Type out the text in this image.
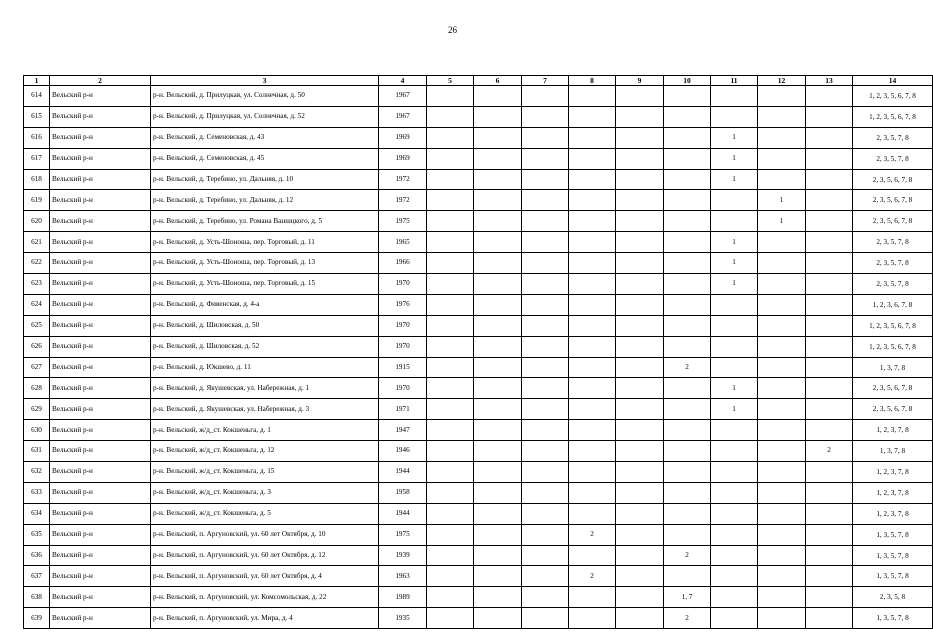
26
1	2	3	4	5	6	7	8	9	10	11	12	13	14
614	Вельский р-н	р-н. Вельский, д. Прилуцкая, ул. Солнечная, д. 50	1967										1, 2, 3, 5, 6, 7, 8
615	Вельский р-н	р-н. Вельский, д. Прилуцкая, ул. Солнечная, д. 52	1967										1, 2, 3, 5, 6, 7, 8
616	Вельский р-н	р-н. Вельский, д. Семеновская, д. 43	1969							1			2, 3, 5, 7, 8
617	Вельский р-н	р-н. Вельский, д. Семеновская, д. 45	1969							1			2, 3, 5, 7, 8
618	Вельский р-н	р-н. Вельский, д. Теребино, ул. Дальняя, д. 10	1972							1			2, 3, 5, 6, 7, 8
619	Вельский р-н	р-н. Вельский, д. Теребино, ул. Дальняя, д. 12	1972								1		2, 3, 5, 6, 7, 8
620	Вельский р-н	р-н. Вельский, д. Теребино, ул. Романа Ваншцкого, д. 5	1975								1		2, 3, 5, 6, 7, 8
621	Вельский р-н	р-н. Вельский, д. Усть-Шоноша, пер. Торговый, д. 11	1965							1			2, 3, 5, 7, 8
622	Вельский р-н	р-н. Вельский, д. Усть-Шоноша, пер. Торговый, д. 13	1966							1			2, 3, 5, 7, 8
623	Вельский р-н	р-н. Вельский, д. Усть-Шоноша, пер. Торговый, д. 15	1970							1			2, 3, 5, 7, 8
624	Вельский р-н	р-н. Вельский, д. Фивенская, д. 4-а	1976										1, 2, 3, 6, 7, 8
625	Вельский р-н	р-н. Вельский, д. Шиловская, д. 50	1970										1, 2, 3, 5, 6, 7, 8
626	Вельский р-н	р-н. Вельский, д. Шиловская, д. 52	1970										1, 2, 3, 5, 6, 7, 8
627	Вельский р-н	р-н. Вельский, д. Юкшево, д. 11	1915						2				1, 3, 7, 8
628	Вельский р-н	р-н. Вельский, д. Якушевская, ул. Набережная, д. 1	1970							1			2, 3, 5, 6, 7, 8
629	Вельский р-н	р-н. Вельский, д. Якушевская, ул. Набережная, д. 3	1971							1			2, 3, 5, 6, 7, 8
630	Вельский р-н	р-н. Вельский, ж/д_ст. Кокшеньга, д. 1	1947										1, 2, 3, 7, 8
631	Вельский р-н	р-н. Вельский, ж/д_ст. Кокшеньга, д. 12	1946									2	1, 3, 7, 8
632	Вельский р-н	р-н. Вельский, ж/д_ст. Кокшеньга, д. 15	1944										1, 2, 3, 7, 8
633	Вельский р-н	р-н. Вельский, ж/д_ст. Кокшеньга, д. 3	1958										1, 2, 3, 7, 8
634	Вельский р-н	р-н. Вельский, ж/д_ст. Кокшеньга, д. 5	1944										1, 2, 3, 7, 8
635	Вельский р-н	р-н. Вельский, п. Аргуновский, ул. 60 лет Октября, д. 10	1975				2						1, 3, 5, 7, 8
636	Вельский р-н	р-н. Вельский, п. Аргуновский, ул. 60 лет Октября, д. 12	1939						2				1, 3, 5, 7, 8
637	Вельский р-н	р-н. Вельский, п. Аргуновский, ул. 60 лет Октября, д. 4	1963				2						1, 3, 5, 7, 8
638	Вельский р-н	р-н. Вельский, п. Аргуновский, ул. Комсомольская, д. 22	1989						1, 7				2, 3, 5, 8
639	Вельский р-н	р-н. Вельский, п. Аргуновский, ул. Мира, д. 4	1935						2				1, 3, 5, 7, 8
